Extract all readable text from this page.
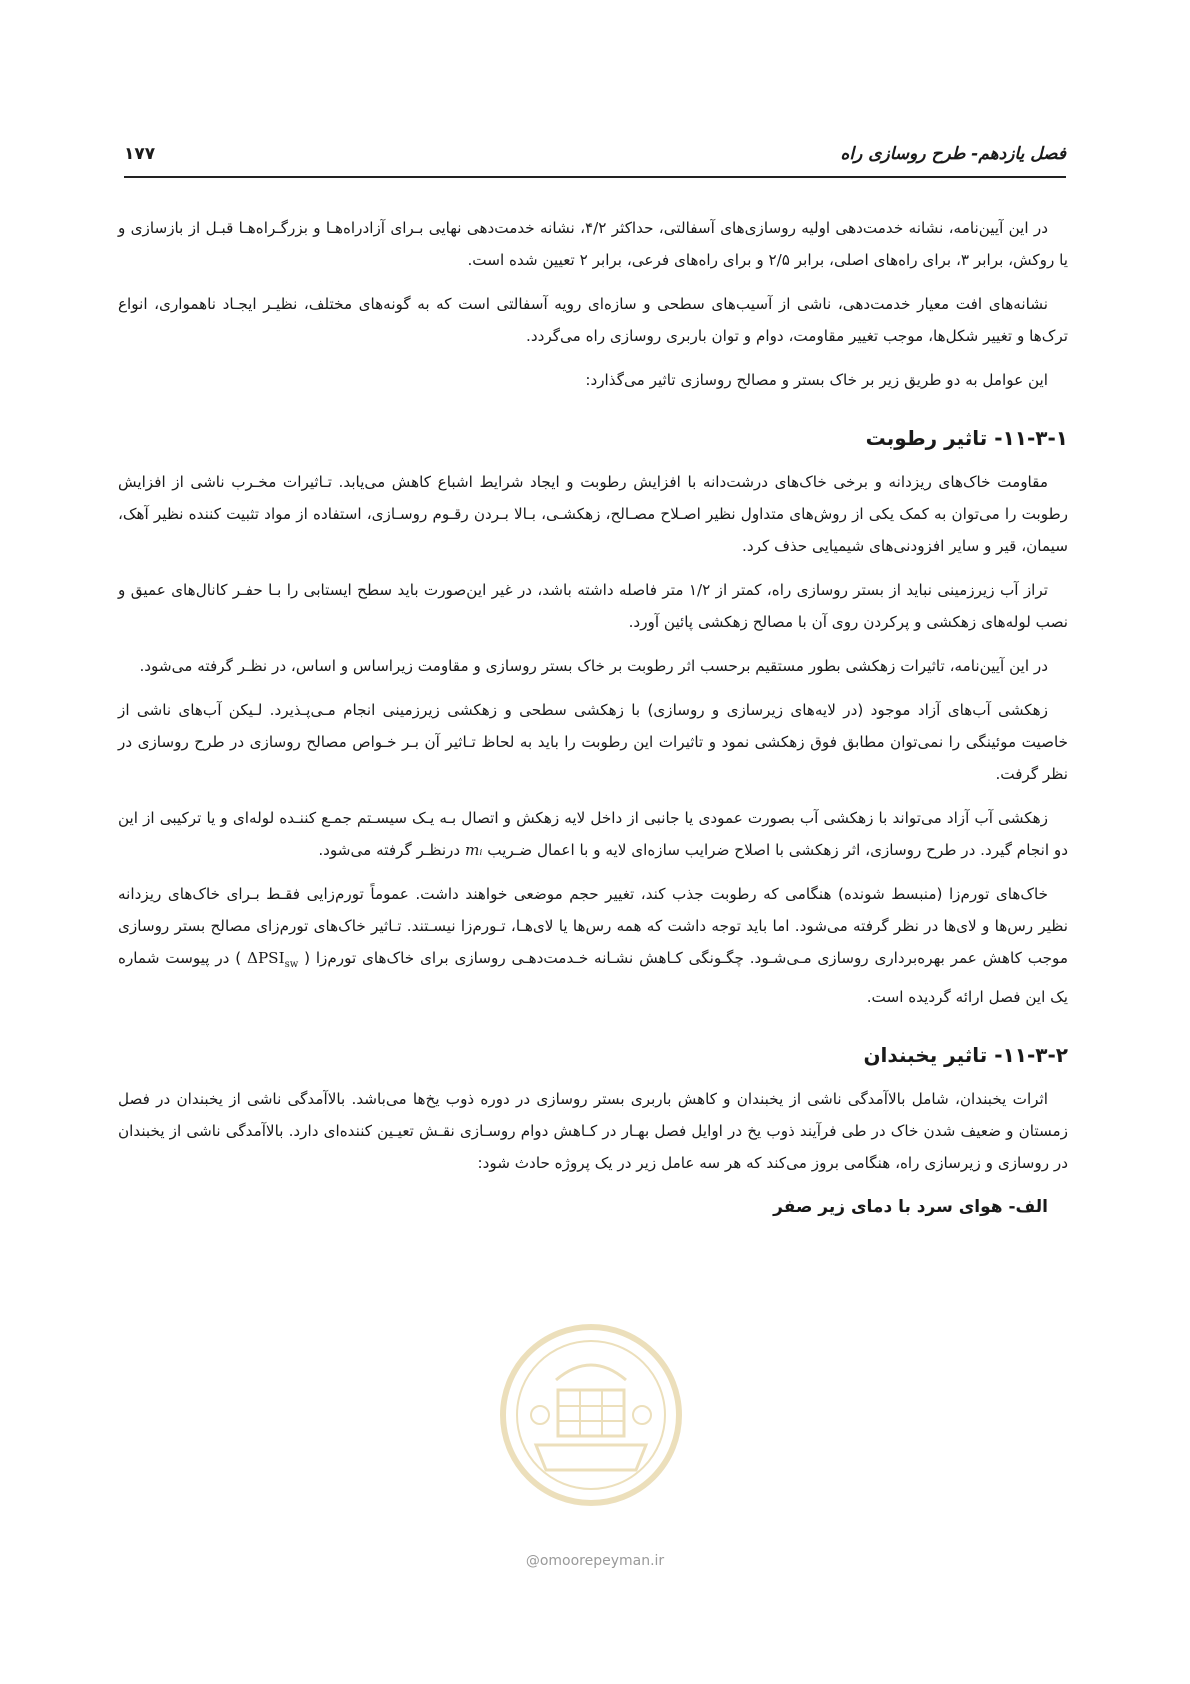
فصل یازدهم- طرح روسازی راه
۱۷۷

در این آیین‌نامه، نشانه خدمت‌دهی اولیه روسازی‌های آسفالتی، حداکثر ۴/۲، نشانه خدمت‌دهی نهایی بـرای آزادراه‌هـا و بزرگـراه‌هـا قبـل از بازسازی و یا روکش، برابر ۳، برای راه‌های اصلی، برابر ۲/۵ و برای راه‌های فرعی، برابر ۲ تعیین شده است.

نشانه‌های افت معیار خدمت‌دهی، ناشی از آسیب‌های سطحی و سازه‌ای رویه آسفالتی است که به گونه‌های مختلف، نظیـر ایجـاد ناهمواری، انواع ترک‌ها و تغییر شکل‌ها، موجب تغییر مقاومت، دوام و توان باربری روسازی راه می‌گردد.

این عوامل به دو طریق زیر بر خاک بستر و مصالح روسازی تاثیر می‌گذارد:

۱۱-۳-۱- تاثیر رطوبت

مقاومت خاک‌های ریزدانه و برخی خاک‌های درشت‌دانه با افزایش رطوبت و ایجاد شرایط اشباع کاهش می‌یابد. تـاثیرات مخـرب ناشی از افزایش رطوبت را می‌توان به کمک یکی از روش‌های متداول نظیر اصـلاح مصـالح، زهکشـی، بـالا بـردن رقـوم روسـازی، استفاده از مواد تثبیت کننده نظیر آهک، سیمان، قیر و سایر افزودنی‌های شیمیایی حذف کرد.

تراز آب زیرزمینی نباید از بستر روسازی راه، کمتر از ۱/۲ متر فاصله داشته باشد، در غیر این‌صورت باید سطح ایستابی را بـا حفـر کانال‌های عمیق و نصب لوله‌های زهکشی و پرکردن روی آن با مصالح زهکشی پائین آورد.

در این آیین‌نامه، تاثیرات زهکشی بطور مستقیم برحسب اثر رطوبت بر خاک بستر روسازی و مقاومت زیراساس و اساس، در نظـر گرفته می‌شود.

زهکشی آب‌های آزاد موجود (در لایه‌های زیرسازی و روسازی) با زهکشی سطحی و زهکشی زیرزمینی انجام مـی‌پـذیرد. لـیکن آب‌های ناشی از خاصیت موئینگی را نمی‌توان مطابق فوق زهکشی نمود و تاثیرات این رطوبت را باید به لحاظ تـاثیر آن بـر خـواص مصالح روسازی در طرح روسازی در نظر گرفت.

زهکشی آب آزاد می‌تواند با زهکشی آب بصورت عمودی یا جانبی از داخل لایه زهکش و اتصال بـه یـک سیسـتم جمـع کننـده لوله‌ای و یا ترکیبی از این دو انجام گیرد. در طرح روسازی، اثر زهکشی با اصلاح ضرایب سازه‌ای لایه و با اعمال ضـریب mᵢ درنظـر گرفته می‌شود.

خاک‌های تورم‌زا (منبسط شونده) هنگامی که رطوبت جذب کند، تغییر حجم موضعی خواهند داشت. عموماً تورم‌زایی فقـط بـرای خاک‌های ریزدانه نظیر رس‌ها و لای‌ها در نظر گرفته می‌شود. اما باید توجه داشت که همه رس‌ها یا لای‌هـا، تـورم‌زا نیسـتند. تـاثیر خاک‌های تورم‌زای مصالح بستر روسازی موجب کاهش عمر بهره‌برداری روسازی مـی‌شـود. چگـونگی کـاهش نشـانه خـدمت‌دهـی روسازی برای خاک‌های تورم‌زا ( $\Delta PSI_{sw}$ ) در پیوست شماره یک این فصل ارائه گردیده است.

۱۱-۳-۲- تاثیر یخبندان

اثرات یخبندان، شامل بالاآمدگی ناشی از یخبندان و کاهش باربری بستر روسازی در دوره ذوب یخ‌ها می‌باشد. بالاآمدگی ناشی از یخبندان در فصل زمستان و ضعیف شدن خاک در طی فرآیند ذوب یخ در اوایل فصل بهـار در کـاهش دوام روسـازی نقـش تعیـین کننده‌ای دارد. بالاآمدگی ناشی از یخبندان در روسازی و زیرسازی راه، هنگامی بروز می‌کند که هر سه عامل زیر در یک پروژه حادث شود:

الف- هوای سرد با دمای زیر صفر
@omoorepeyman.ir
